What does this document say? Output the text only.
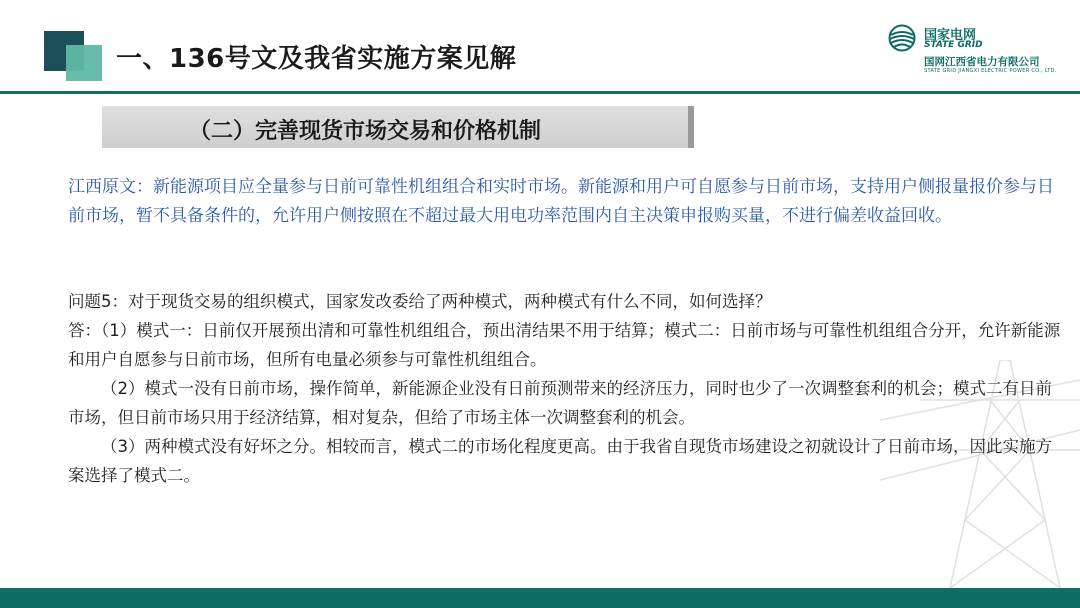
一、136号文及我省实施方案见解
国家电网
STATE GRID
国网江西省电力有限公司
STATE GRID JIANGXI ELECTRIC POWER CO., LTD.
（二）完善现货市场交易和价格机制
江西原文：新能源项目应全量参与日前可靠性机组组合和实时市场。新能源和用户可自愿参与日前市场，支持用户侧报量报价参与日前市场，暂不具备条件的，允许用户侧按照在不超过最大用电功率范围内自主决策申报购买量，不进行偏差收益回收。

问题5：对于现货交易的组织模式，国家发改委给了两种模式，两种模式有什么不同，如何选择？

答：（1）模式一：日前仅开展预出清和可靠性机组组合，预出清结果不用于结算；模式二：日前市场与可靠性机组组合分开，允许新能源和用户自愿参与日前市场，但所有电量必须参与可靠性机组组合。

（2）模式一没有日前市场，操作简单，新能源企业没有日前预测带来的经济压力，同时也少了一次调整套利的机会；模式二有日前市场，但日前市场只用于经济结算，相对复杂，但给了市场主体一次调整套利的机会。

（3）两种模式没有好坏之分。相较而言，模式二的市场化程度更高。由于我省自现货市场建设之初就设计了日前市场，因此实施方案选择了模式二。
